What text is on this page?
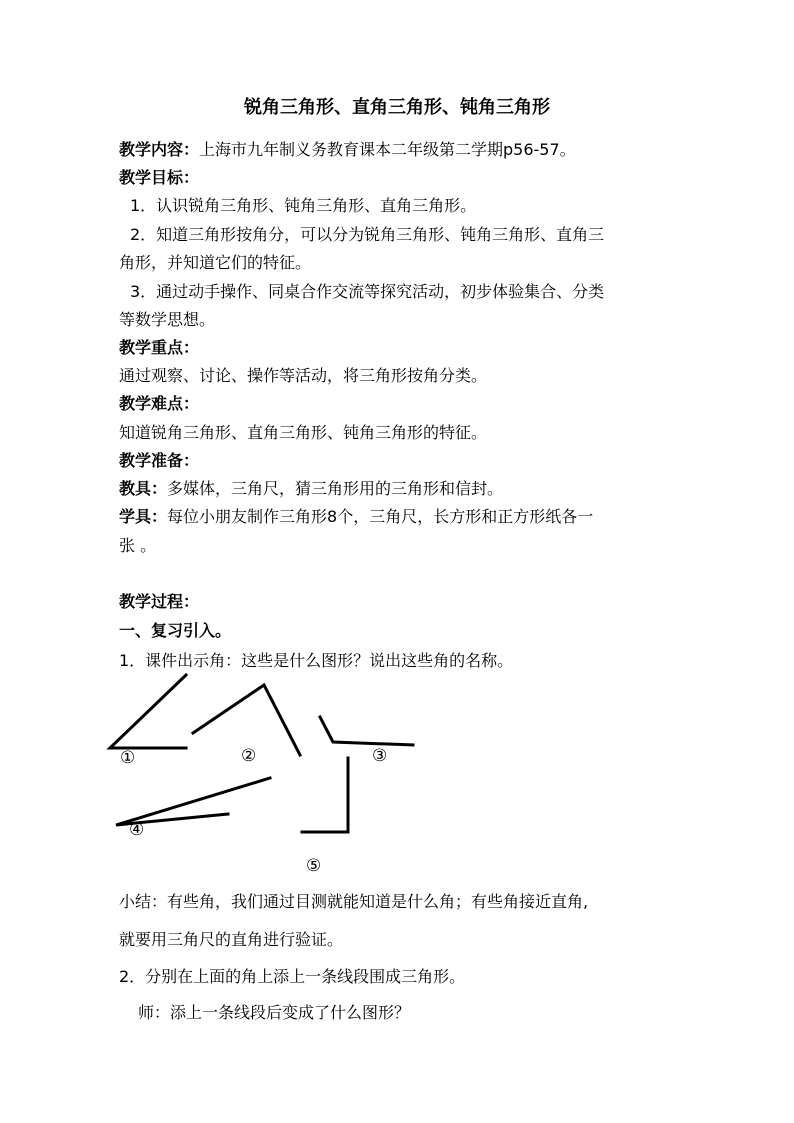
锐角三角形、直角三角形、钝角三角形
教学内容：上海市九年制义务教育课本二年级第二学期p56-57。
教学目标：
1．认识锐角三角形、钝角三角形、直角三角形。
2．知道三角形按角分，可以分为锐角三角形、钝角三角形、直角三
角形，并知道它们的特征。
3．通过动手操作、同桌合作交流等探究活动，初步体验集合、分类
等数学思想。
教学重点：
通过观察、讨论、操作等活动，将三角形按角分类。
教学难点：
知道锐角三角形、直角三角形、钝角三角形的特征。
教学准备：
教具：多媒体，三角尺，猜三角形用的三角形和信封。
学具：每位小朋友制作三角形8个，三角尺，长方形和正方形纸各一
张 。
教学过程：
一、复习引入。
1．课件出示角：这些是什么图形？说出这些角的名称。
①	②	③
④
⑤
小结：有些角，我们通过目测就能知道是什么角；有些角接近直角,
就要用三角尺的直角进行验证。
2．分别在上面的角上添上一条线段围成三角形。
师：添上一条线段后变成了什么图形？
